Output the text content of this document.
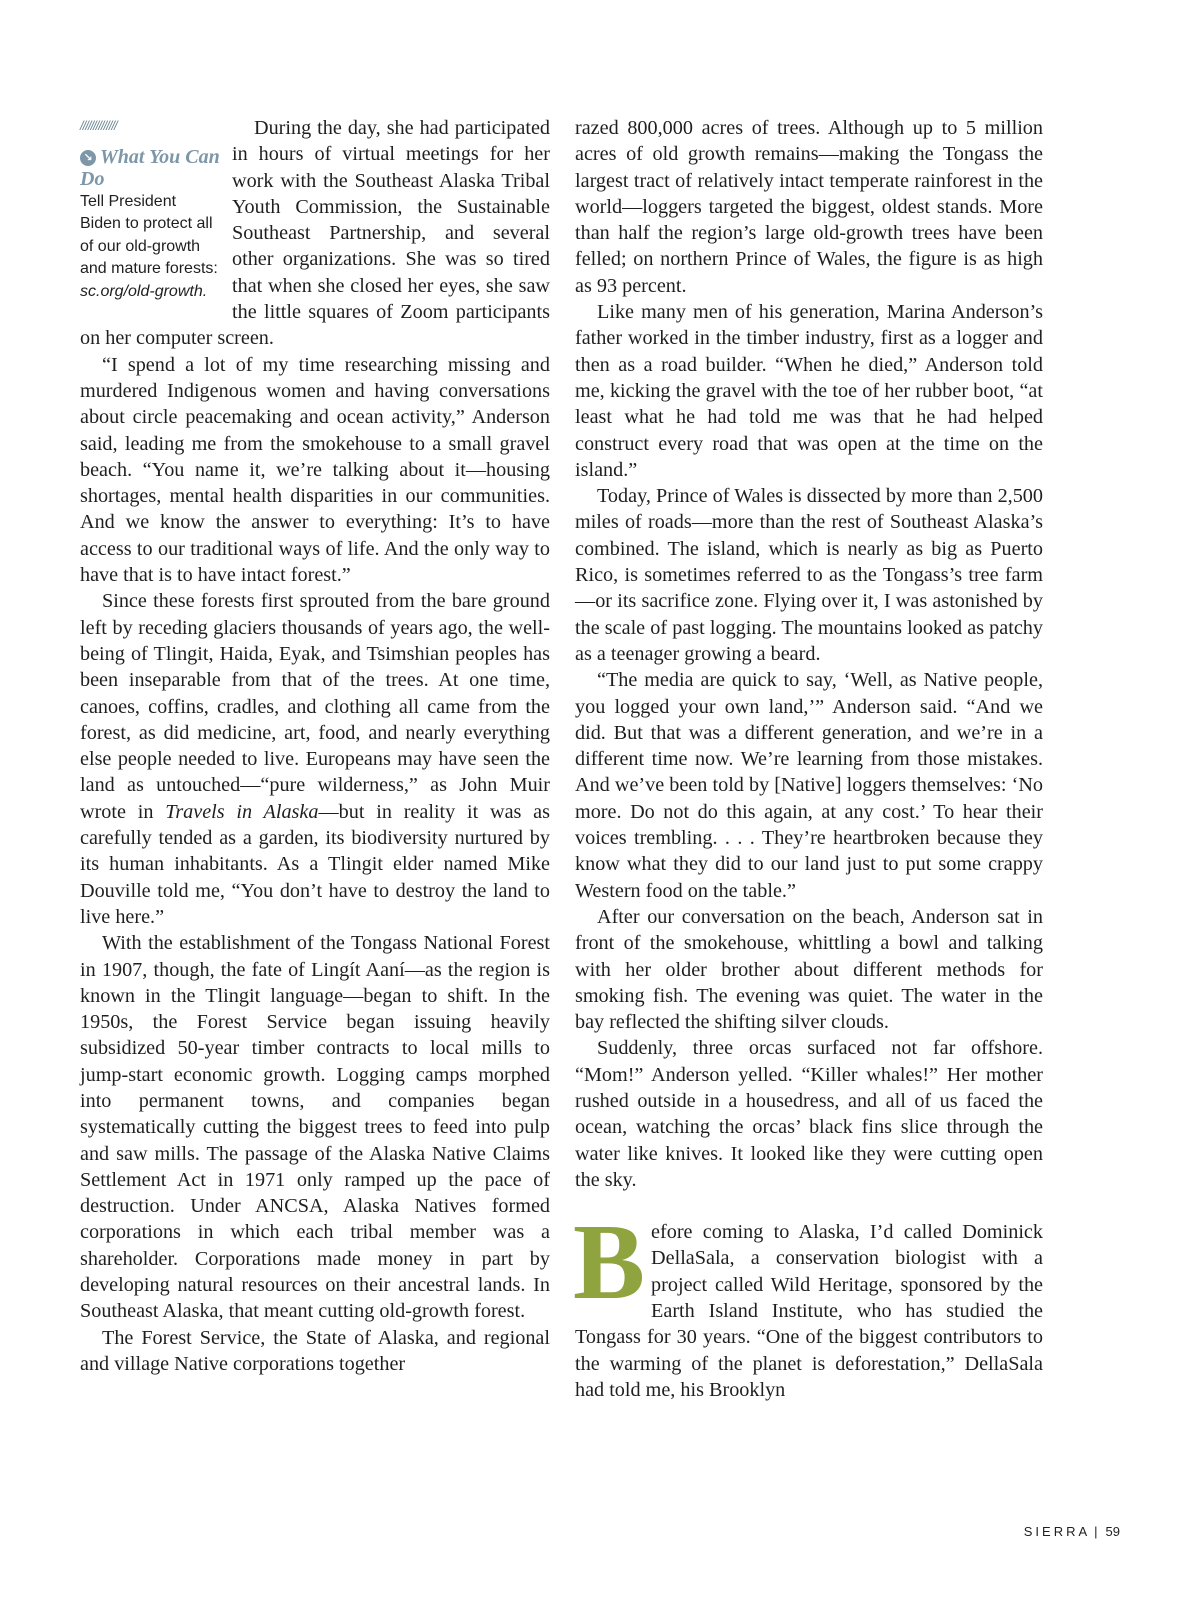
//////////////
↘ What You Can Do
Tell President Biden to protect all of our old-growth and mature forests: sc.org/old-growth.

During the day, she had participated in hours of virtual meetings for her work with the Southeast Alaska Tribal Youth Commission, the Sustainable Southeast Partnership, and several other organizations. She was so tired that when she closed her eyes, she saw the little squares of Zoom participants on her computer screen.

“I spend a lot of my time researching missing and murdered Indigenous women and having conversations about circle peacemaking and ocean activity,” Anderson said, leading me from the smokehouse to a small gravel beach. “You name it, we’re talking about it—housing shortages, mental health disparities in our communities. And we know the answer to everything: It’s to have access to our traditional ways of life. And the only way to have that is to have intact forest.”

Since these forests first sprouted from the bare ground left by receding glaciers thousands of years ago, the well-being of Tlingit, Haida, Eyak, and Tsimshian peoples has been inseparable from that of the trees. At one time, canoes, coffins, cradles, and clothing all came from the forest, as did medicine, art, food, and nearly everything else people needed to live. Europeans may have seen the land as untouched—“pure wilderness,” as John Muir wrote in Travels in Alaska—but in reality it was as carefully tended as a garden, its biodiversity nurtured by its human inhabitants. As a Tlingit elder named Mike Douville told me, “You don’t have to destroy the land to live here.”

With the establishment of the Tongass National Forest in 1907, though, the fate of Lingít Aaní—as the region is known in the Tlingit language—began to shift. In the 1950s, the Forest Service began issuing heavily subsidized 50-year timber contracts to local mills to jump-start economic growth. Logging camps morphed into permanent towns, and companies began systematically cutting the biggest trees to feed into pulp and saw mills. The passage of the Alaska Native Claims Settlement Act in 1971 only ramped up the pace of destruction. Under ANCSA, Alaska Natives formed corporations in which each tribal member was a shareholder. Corporations made money in part by developing natural resources on their ancestral lands. In Southeast Alaska, that meant cutting old-growth forest.

The Forest Service, the State of Alaska, and regional and village Native corporations together

razed 800,000 acres of trees. Although up to 5 million acres of old growth remains—making the Tongass the largest tract of relatively intact temperate rainforest in the world—loggers targeted the biggest, oldest stands. More than half the region’s large old-growth trees have been felled; on northern Prince of Wales, the figure is as high as 93 percent.

Like many men of his generation, Marina Anderson’s father worked in the timber industry, first as a logger and then as a road builder. “When he died,” Anderson told me, kicking the gravel with the toe of her rubber boot, “at least what he had told me was that he had helped construct every road that was open at the time on the island.”

Today, Prince of Wales is dissected by more than 2,500 miles of roads—more than the rest of Southeast Alaska’s combined. The island, which is nearly as big as Puerto Rico, is sometimes referred to as the Tongass’s tree farm—or its sacrifice zone. Flying over it, I was astonished by the scale of past logging. The mountains looked as patchy as a teenager growing a beard.

“The media are quick to say, ‘Well, as Native people, you logged your own land,’” Anderson said. “And we did. But that was a different generation, and we’re in a different time now. We’re learning from those mistakes. And we’ve been told by [Native] loggers themselves: ‘No more. Do not do this again, at any cost.’ To hear their voices trembling. . . . They’re heartbroken because they know what they did to our land just to put some crappy Western food on the table.”

After our conversation on the beach, Anderson sat in front of the smokehouse, whittling a bowl and talking with her older brother about different methods for smoking fish. The evening was quiet. The water in the bay reflected the shifting silver clouds.

Suddenly, three orcas surfaced not far offshore. “Mom!” Anderson yelled. “Killer whales!” Her mother rushed outside in a housedress, and all of us faced the ocean, watching the orcas’ black fins slice through the water like knives. It looked like they were cutting open the sky.

Before coming to Alaska, I’d called Dominick DellaSala, a conservation biologist with a project called Wild Heritage, sponsored by the Earth Island Institute, who has studied the Tongass for 30 years. “One of the biggest contributors to the warming of the planet is deforestation,” DellaSala had told me, his Brooklyn

SIERRA | 59
